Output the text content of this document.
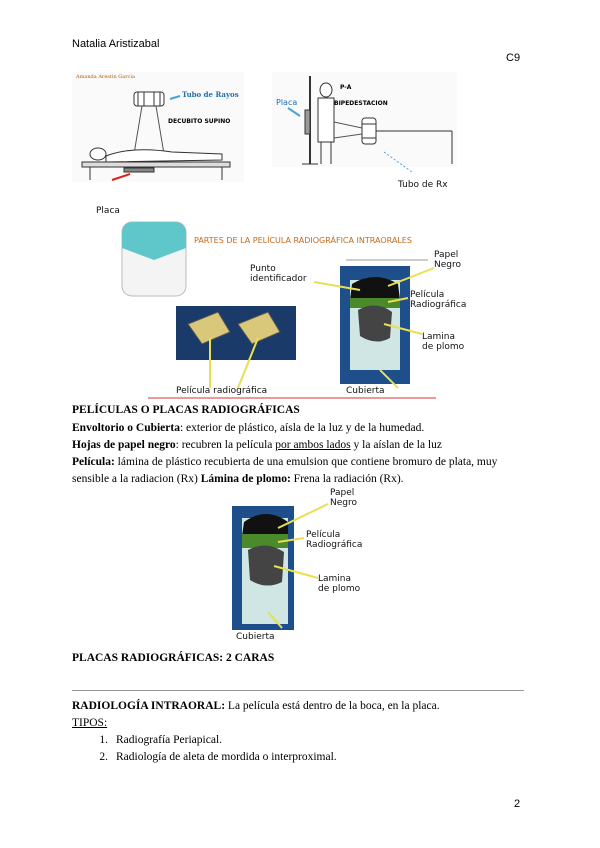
Natalia Aristizabal
C9
Amanda Arestin Garcia
Tubo de Rayos
DECUBITO SUPINO
Placa
P-A
BIPEDESTACION
Placa
Tubo de Rx
PARTES DE LA PELÍCULA RADIOGRÁFICA INTRAORALES
Punto
identificador
Papel
Negro
Película
Radiográfica
Lamina
de plomo
Película radiográfica	Cubierta
PELÍCULAS O PLACAS RADIOGRÁFICAS
Envoltorio o Cubierta: exterior de plástico, aísla de la luz y de la humedad.
Hojas de papel negro: recubren la película por ambos lados y la aíslan de la luz
Película: lámina de plástico recubierta de una emulsion que contiene bromuro de plata, muy
sensible a la radiacion (Rx) Lámina de plomo: Frena la radiación (Rx).
Papel
Negro
Película
Radiográfica
Lamina
de plomo
Cubierta
PLACAS RADIOGRÁFICAS: 2 CARAS
RADIOLOGÍA INTRAORAL: La película está dentro de la boca, en la placa.
TIPOS:
1. Radiografía Periapical.
2. Radiología de aleta de mordida o interproximal.
2
